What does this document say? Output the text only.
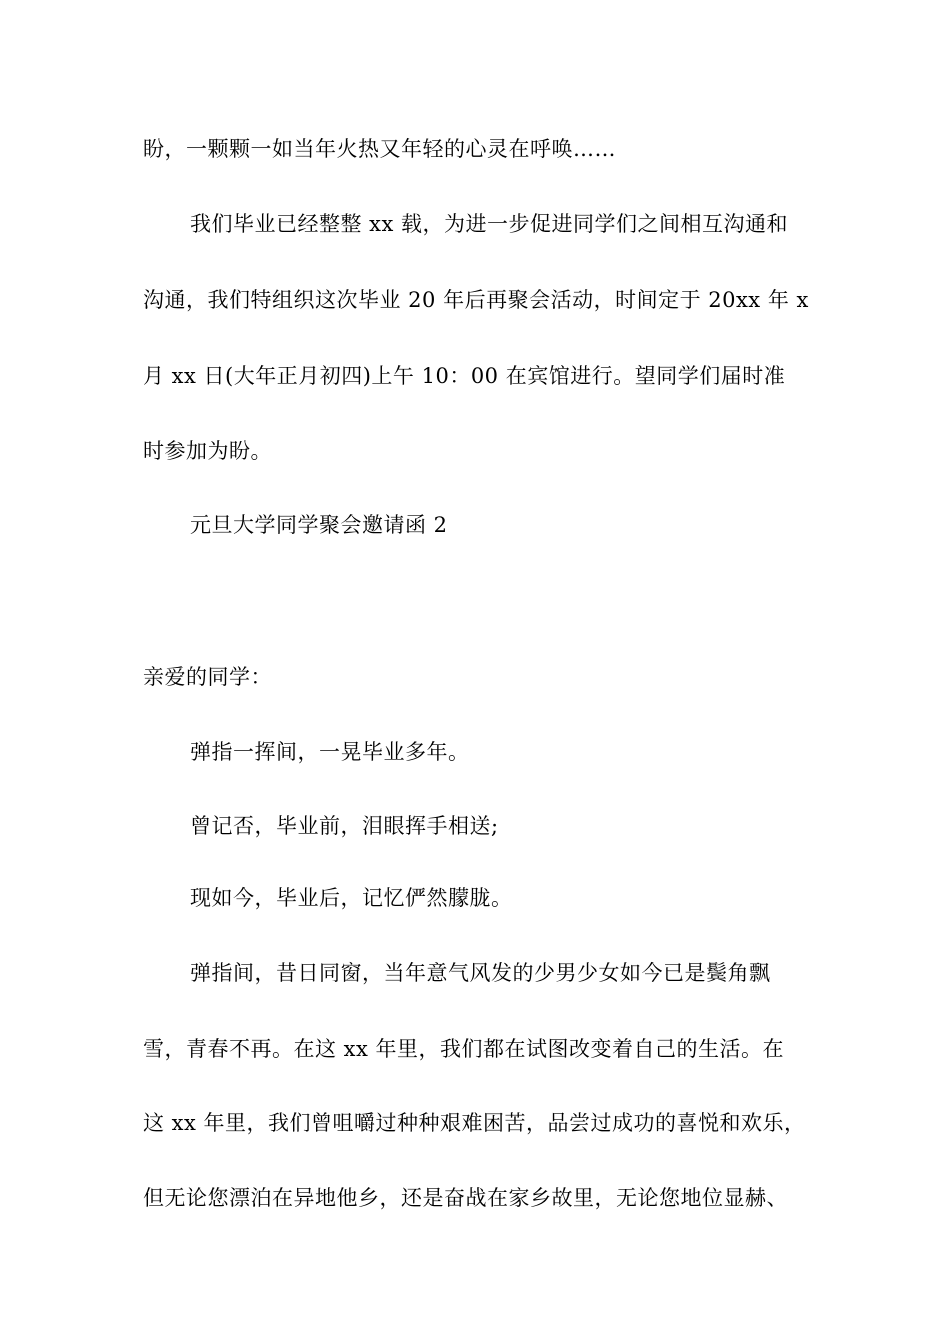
盼，一颗颗一如当年火热又年轻的心灵在呼唤……
我们毕业已经整整 xx 载，为进一步促进同学们之间相互沟通和
沟通，我们特组织这次毕业 20 年后再聚会活动，时间定于 20xx 年 x
月 xx 日(大年正月初四)上午 10：00 在宾馆进行。望同学们届时准
时参加为盼。
元旦大学同学聚会邀请函 2
亲爱的同学：
弹指一挥间，一晃毕业多年。
曾记否，毕业前，泪眼挥手相送;
现如今，毕业后，记忆俨然朦胧。
弹指间，昔日同窗，当年意气风发的少男少女如今已是鬓角飘
雪，青春不再。在这 xx 年里，我们都在试图改变着自己的生活。在
这 xx 年里，我们曾咀嚼过种种艰难困苦，品尝过成功的喜悦和欢乐，
但无论您漂泊在异地他乡，还是奋战在家乡故里，无论您地位显赫、
